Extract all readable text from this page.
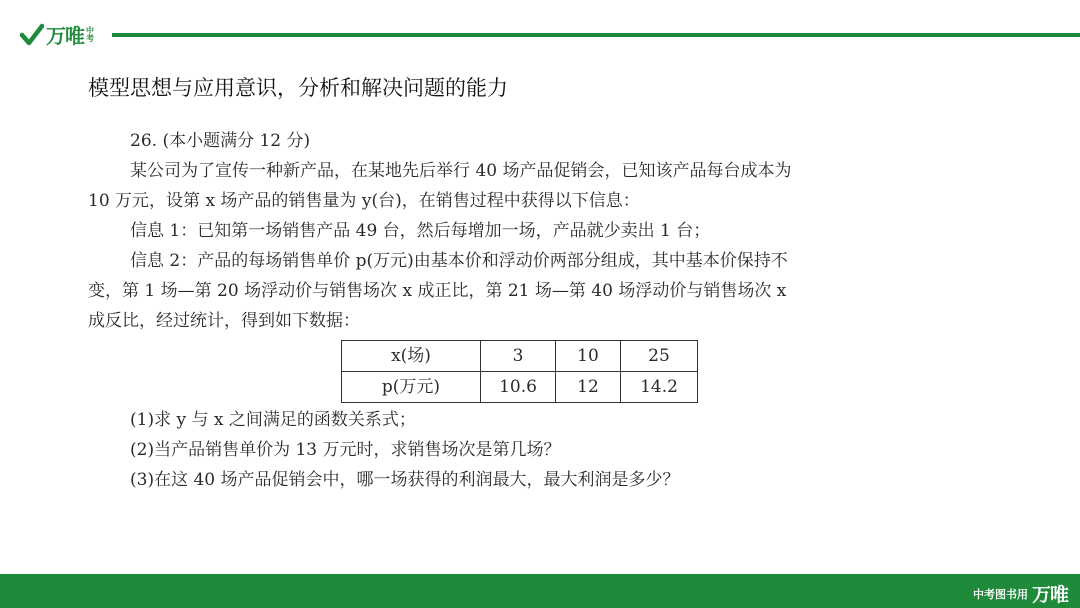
万唯 中考
模型思想与应用意识，分析和解决问题的能力
26. (本小题满分 12 分)
某公司为了宣传一种新产品，在某地先后举行 40 场产品促销会，已知该产品每台成本为
10 万元，设第 x 场产品的销售量为 y(台)，在销售过程中获得以下信息：
信息 1：已知第一场销售产品 49 台，然后每增加一场，产品就少卖出 1 台；
信息 2：产品的每场销售单价 p(万元)由基本价和浮动价两部分组成，其中基本价保持不
变，第 1 场—第 20 场浮动价与销售场次 x 成正比，第 21 场—第 40 场浮动价与销售场次 x
成反比，经过统计，得到如下数据：
x(场)	3	10	25
p(万元)	10.6	12	14.2
(1)求 y 与 x 之间满足的函数关系式；
(2)当产品销售单价为 13 万元时，求销售场次是第几场？
(3)在这 40 场产品促销会中，哪一场获得的利润最大，最大利润是多少？
中考图书用 万唯
